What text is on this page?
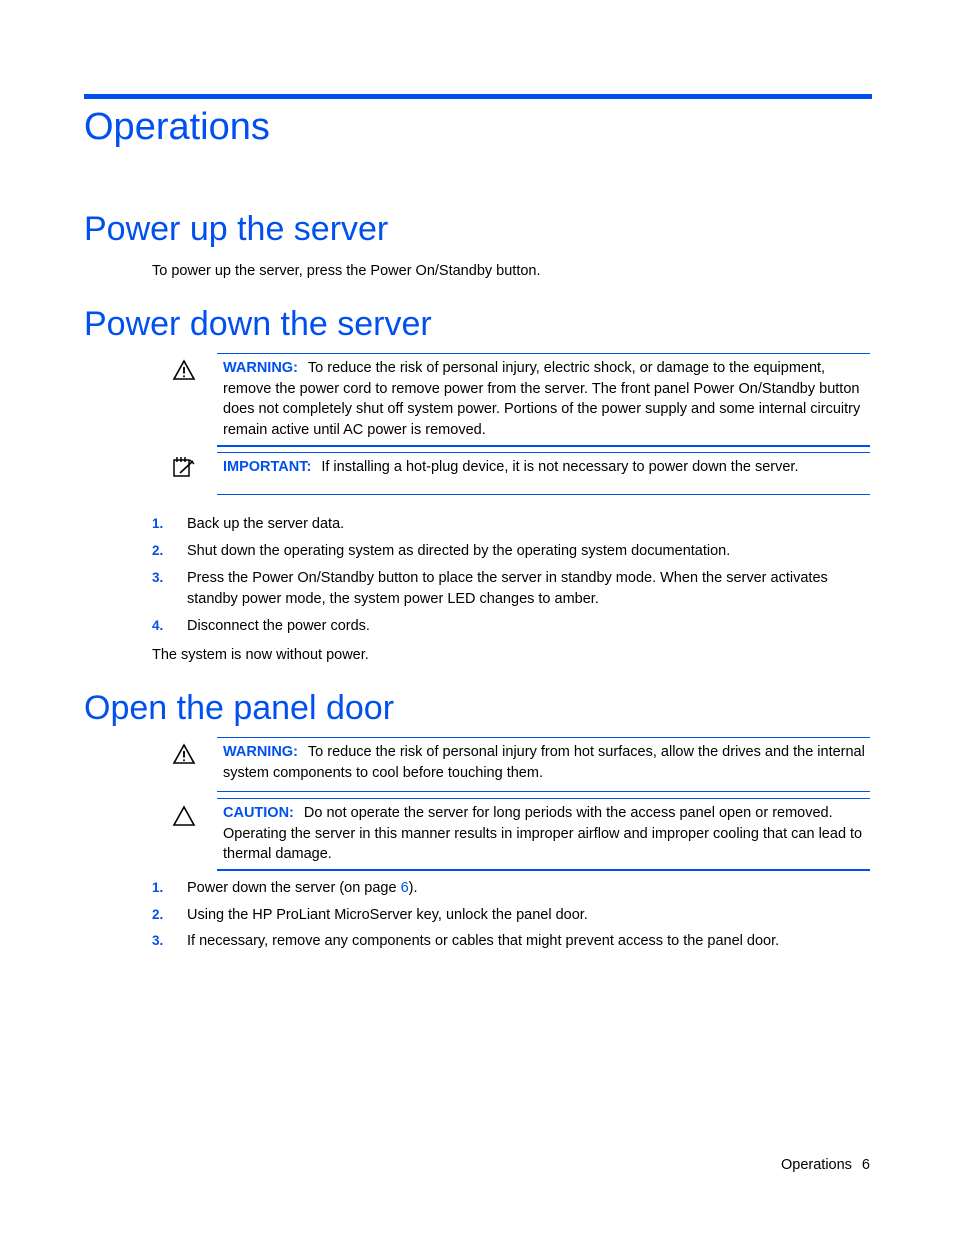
Operations
Power up the server

To power up the server, press the Power On/Standby button.

Power down the server
WARNING: To reduce the risk of personal injury, electric shock, or damage to the equipment, remove the power cord to remove power from the server. The front panel Power On/Standby button does not completely shut off system power. Portions of the power supply and some internal circuitry remain active until AC power is removed.
IMPORTANT: If installing a hot-plug device, it is not necessary to power down the server.
1. Back up the server data.
2. Shut down the operating system as directed by the operating system documentation.
3. Press the Power On/Standby button to place the server in standby mode. When the server activates standby power mode, the system power LED changes to amber.
4. Disconnect the power cords.

The system is now without power.

Open the panel door
WARNING: To reduce the risk of personal injury from hot surfaces, allow the drives and the internal system components to cool before touching them.
CAUTION: Do not operate the server for long periods with the access panel open or removed. Operating the server in this manner results in improper airflow and improper cooling that can lead to thermal damage.
1. Power down the server (on page 6).
2. Using the HP ProLiant MicroServer key, unlock the panel door.
3. If necessary, remove any components or cables that might prevent access to the panel door.
Operations 6
